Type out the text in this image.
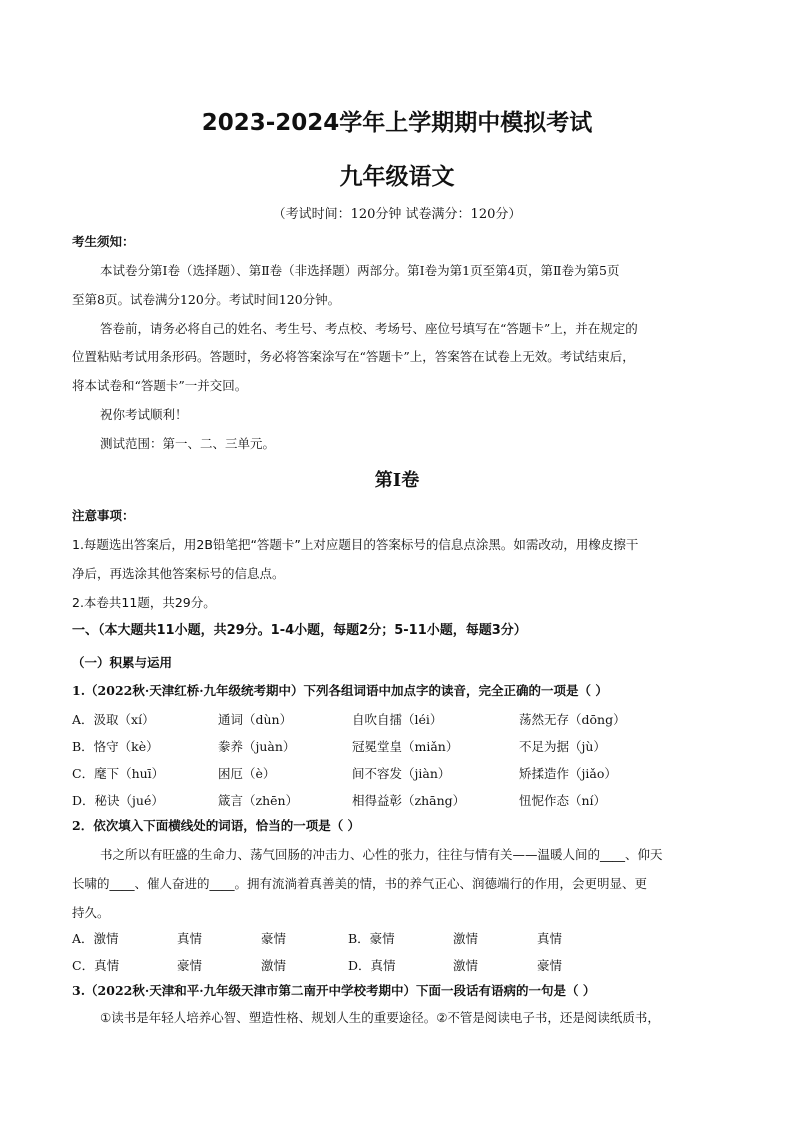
2023-2024学年上学期期中模拟考试
九年级语文
（考试时间：120分钟 试卷满分：120分）
考生须知：
本试卷分第Ⅰ卷（选择题）、第Ⅱ卷（非选择题）两部分。第Ⅰ卷为第1页至第4页，第Ⅱ卷为第5页
至第8页。试卷满分120分。考试时间120分钟。
答卷前，请务必将自己的姓名、考生号、考点校、考场号、座位号填写在“答题卡”上，并在规定的
位置粘贴考试用条形码。答题时，务必将答案涂写在“答题卡”上，答案答在试卷上无效。考试结束后，
将本试卷和“答题卡”一并交回。
祝你考试顺利！
测试范围：第一、二、三单元。
第Ⅰ卷
注意事项：
1.每题选出答案后，用2B铅笔把“答题卡”上对应题目的答案标号的信息点涂黑。如需改动，用橡皮擦干
净后，再选涂其他答案标号的信息点。
2.本卷共11题，共29分。
一、（本大题共11小题，共29分。1-4小题，每题2分；5-11小题，每题3分）
（一）积累与运用
1.（2022秋·天津红桥·九年级统考期中）下列各组词语中加点字的读音，完全正确的一项是（ ）
A．汲取（xí）	通词（dùn）	自吹自擂（léi）	荡然无存（dōng）
B．恪守（kè）	豢养（juàn）	冠冕堂皇（miǎn）	不足为据（jù）
C．麾下（huī）	困厄（è）	间不容发（jiàn）	矫揉造作（jiǎo）
D．秘诀（jué）	箴言（zhēn）	相得益彰（zhāng）	忸怩作态（ní）
2．依次填入下面横线处的词语，恰当的一项是（ ）
书之所以有旺盛的生命力、荡气回肠的冲击力、心性的张力，往往与情有关——温暖人间的____、仰天
长啸的____、催人奋进的____。拥有流淌着真善美的情，书的养气正心、润德端行的作用，会更明显、更
持久。
A．激情	真情	豪情	B．豪情	激情	真情
C．真情	豪情	激情	D．真情	激情	豪情
3.（2022秋·天津和平·九年级天津市第二南开中学校考期中）下面一段话有语病的一句是（ ）
①读书是年轻人培养心智、塑造性格、规划人生的重要途径。②不管是阅读电子书，还是阅读纸质书，
